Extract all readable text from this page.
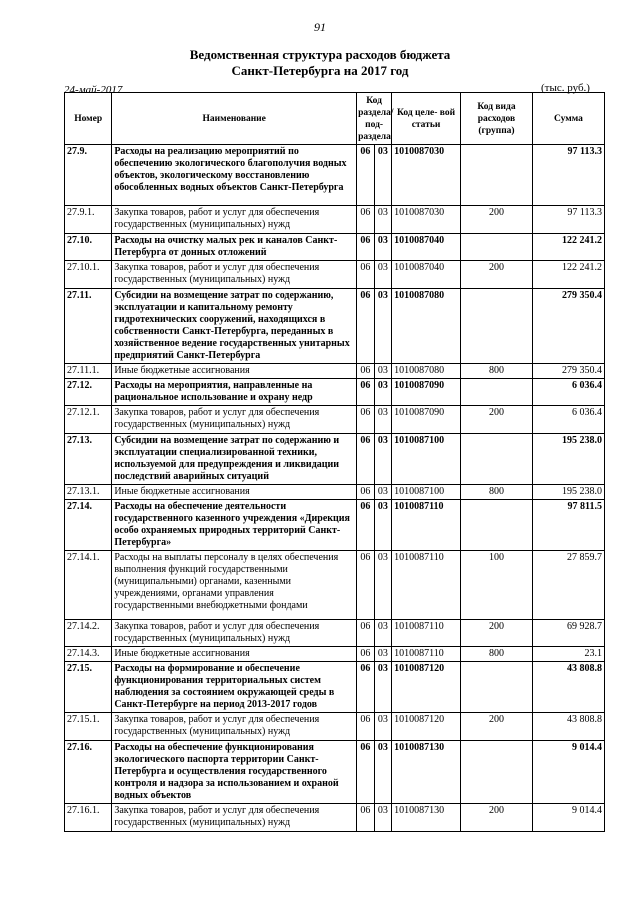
91
Ведомственная структура расходов бюджета
Санкт-Петербурга на 2017 год
24-май-2017	(тыс. руб.)
Номер	Наименование	Код раздела/ под- раздела		Код целе- вой статьи	Код вида расходов (группа)	Сумма
27.9.	Расходы на реализацию мероприятий по обеспечению экологического благополучия водных объектов, экологическому восстановлению обособленных водных объектов Санкт-Петербурга	06	03	1010087030		97 113.3
27.9.1.	Закупка товаров, работ и услуг для обеспечения государственных (муниципальных) нужд	06	03	1010087030	200	97 113.3
27.10.	Расходы на очистку малых рек и каналов Санкт-Петербурга от донных отложений	06	03	1010087040		122 241.2
27.10.1.	Закупка товаров, работ и услуг для обеспечения государственных (муниципальных) нужд	06	03	1010087040	200	122 241.2
27.11.	Субсидии на возмещение затрат по содержанию, эксплуатации и капитальному ремонту гидротехнических сооружений, находящихся в собственности Санкт-Петербурга, переданных в хозяйственное ведение государственных унитарных предприятий Санкт-Петербурга	06	03	1010087080		279 350.4
27.11.1.	Иные бюджетные ассигнования	06	03	1010087080	800	279 350.4
27.12.	Расходы на мероприятия, направленные на рациональное использование и охрану недр	06	03	1010087090		6 036.4
27.12.1.	Закупка товаров, работ и услуг для обеспечения государственных (муниципальных) нужд	06	03	1010087090	200	6 036.4
27.13.	Субсидии на возмещение затрат по содержанию и эксплуатации специализированной техники, используемой для предупреждения и ликвидации последствий аварийных ситуаций	06	03	1010087100		195 238.0
27.13.1.	Иные бюджетные ассигнования	06	03	1010087100	800	195 238.0
27.14.	Расходы на обеспечение деятельности государственного казенного учреждения «Дирекция особо охраняемых природных территорий Санкт-Петербурга»	06	03	1010087110		97 811.5
27.14.1.	Расходы на выплаты персоналу в целях обеспечения выполнения функций государственными (муниципальными) органами, казенными учреждениями, органами управления государственными внебюджетными фондами	06	03	1010087110	100	27 859.7
27.14.2.	Закупка товаров, работ и услуг для обеспечения государственных (муниципальных) нужд	06	03	1010087110	200	69 928.7
27.14.3.	Иные бюджетные ассигнования	06	03	1010087110	800	23.1
27.15.	Расходы на формирование и обеспечение функционирования территориальных систем наблюдения за состоянием окружающей среды в Санкт-Петербурге на период 2013-2017 годов	06	03	1010087120		43 808.8
27.15.1.	Закупка товаров, работ и услуг для обеспечения государственных (муниципальных) нужд	06	03	1010087120	200	43 808.8
27.16.	Расходы на обеспечение функционирования экологического паспорта территории Санкт-Петербурга и осуществления государственного контроля и надзора за использованием и охраной водных объектов	06	03	1010087130		9 014.4
27.16.1.	Закупка товаров, работ и услуг для обеспечения государственных (муниципальных) нужд	06	03	1010087130	200	9 014.4
